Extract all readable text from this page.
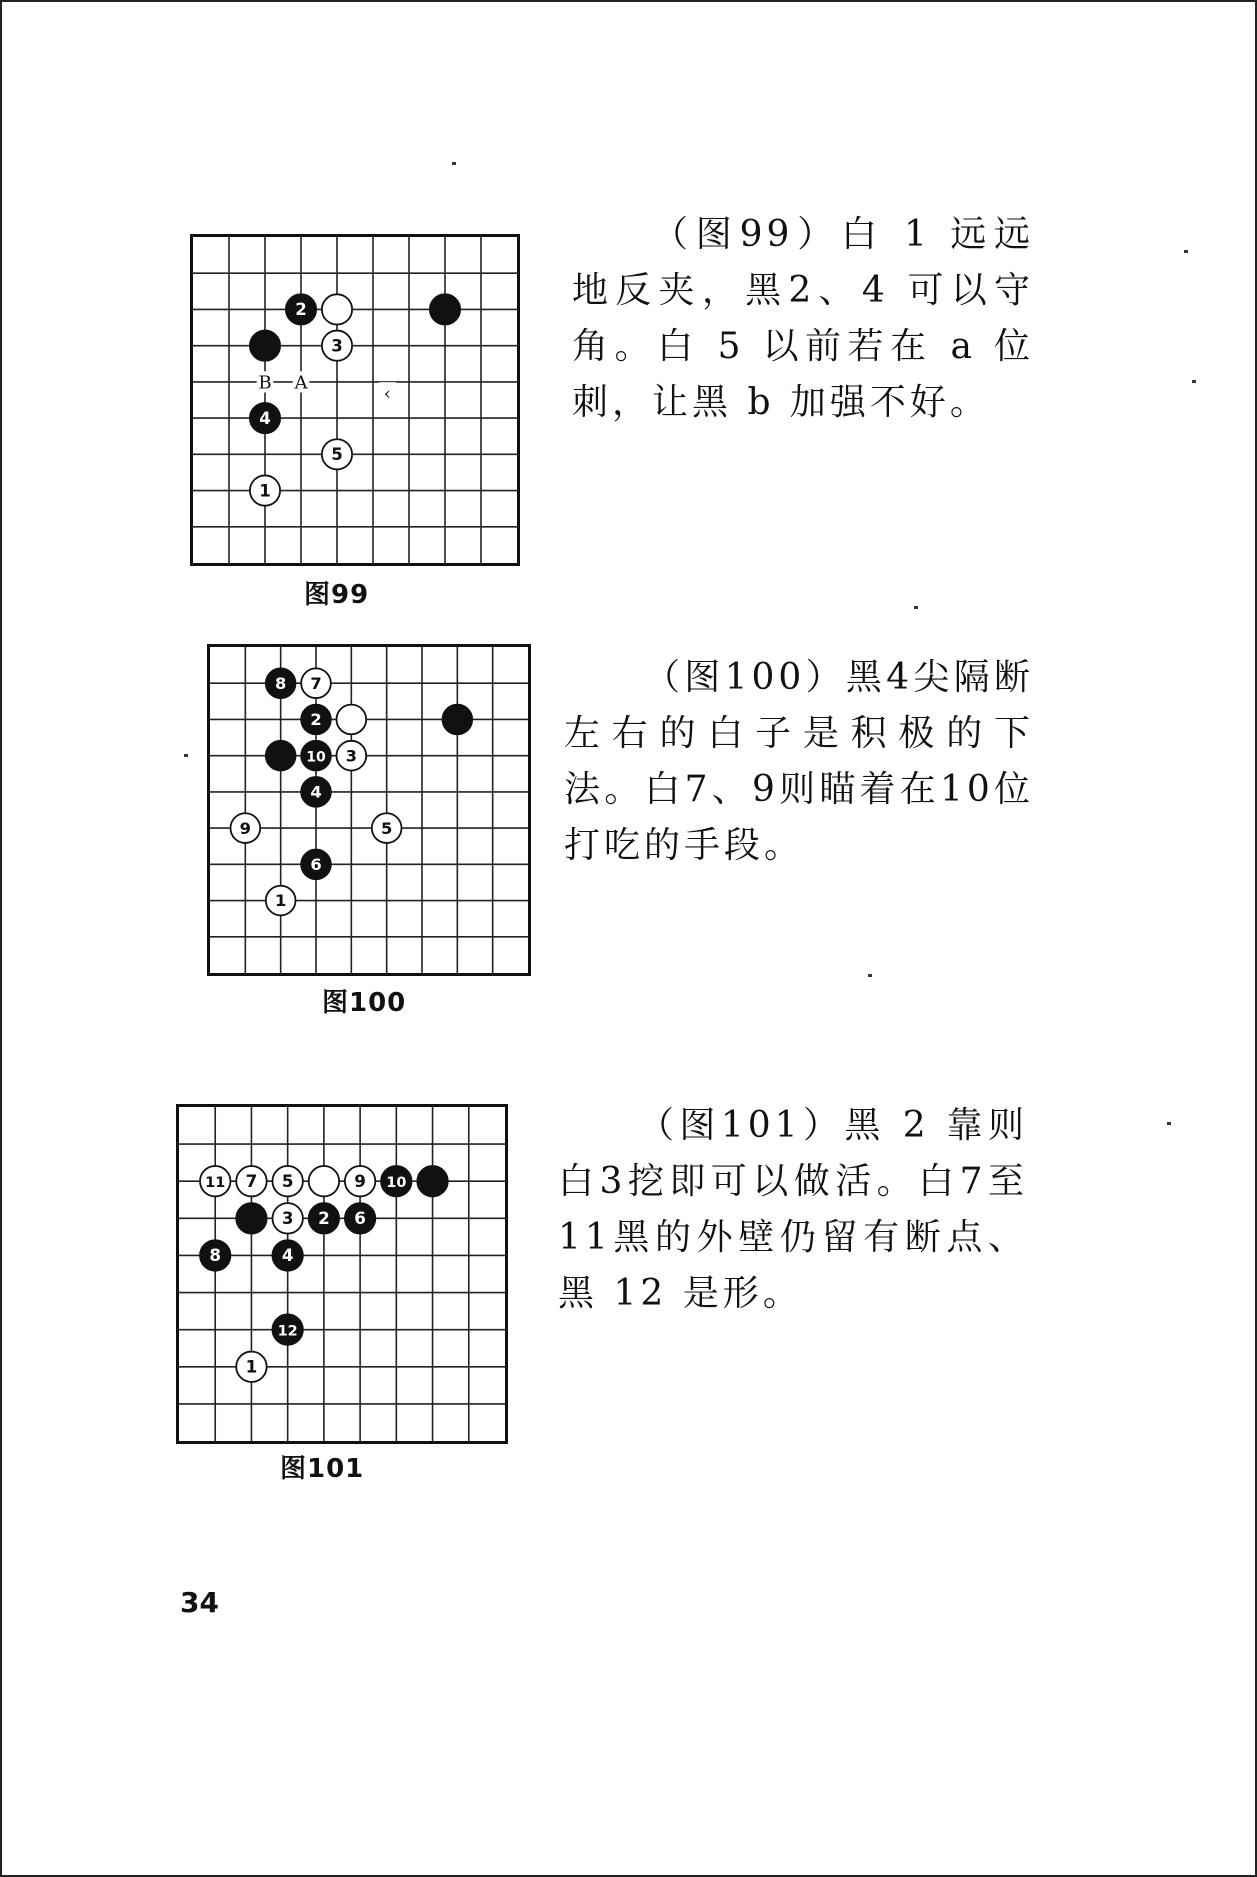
2
3
4
5
1
B A
‹
图99
（图99）白 1 远远地反夹，黑2、4 可以守角。白 5 以前若在 a 位刺，让黑 b 加强不好。
8 7
2
10 3
4
9	5
6
1
图100
（图100）黑4尖隔断左右的白子是积极的下法。白7、9则瞄着在10位打吃的手段。
11 7 5	9 10
3 2 6
8	4
12
1
图101
（图101）黑 2 靠则白3挖即可以做活。白7至11黑的外壁仍留有断点、黑 12 是形。
34
